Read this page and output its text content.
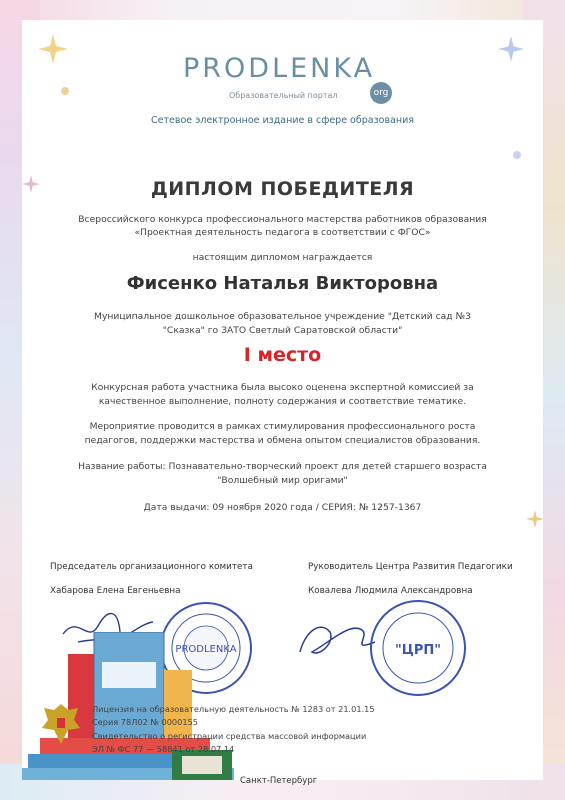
PRODLENKA
org
Образовательный портал
Сетевое электронное издание в сфере образования
ДИПЛОМ ПОБЕДИТЕЛЯ
Всероссийского конкурса профессионального мастерства работников образования
«Проектная деятельность педагога в соответствии с ФГОС»
настоящим дипломом награждается
Фисенко Наталья Викторовна
Муниципальное дошкольное образовательное учреждение "Детский сад №3
"Сказка" го ЗАТО Светлый Саратовской области"
I место
Конкурсная работа участника была высоко оценена экспертной комиссией за
качественное выполнение, полноту содержания и соответствие тематике.
Мероприятие проводится в рамках стимулирования профессионального роста
педагогов, поддержки мастерства и обмена опытом специалистов образования.
Название работы: Познавательно-творческий проект для детей старшего возраста
"Волшебный мир оригами"
Дата выдачи: 09 ноября 2020 года / СЕРИЯ: № 1257-1367
Председатель организационного комитета
Хабарова Елена Евгеньевна
Руководитель Центра Развития Педагогики
Ковалева Людмила Александровна
PRODLENKA	"ЦРП"
Лицензия на образовательную деятельность № 1283 от 21.01.15
Серия 78Л02 № 0000155
Свидетельство о регистрации средства массовой информации
ЭЛ № ФС 77 — 58841 от 28.07.14
Санкт-Петербург
